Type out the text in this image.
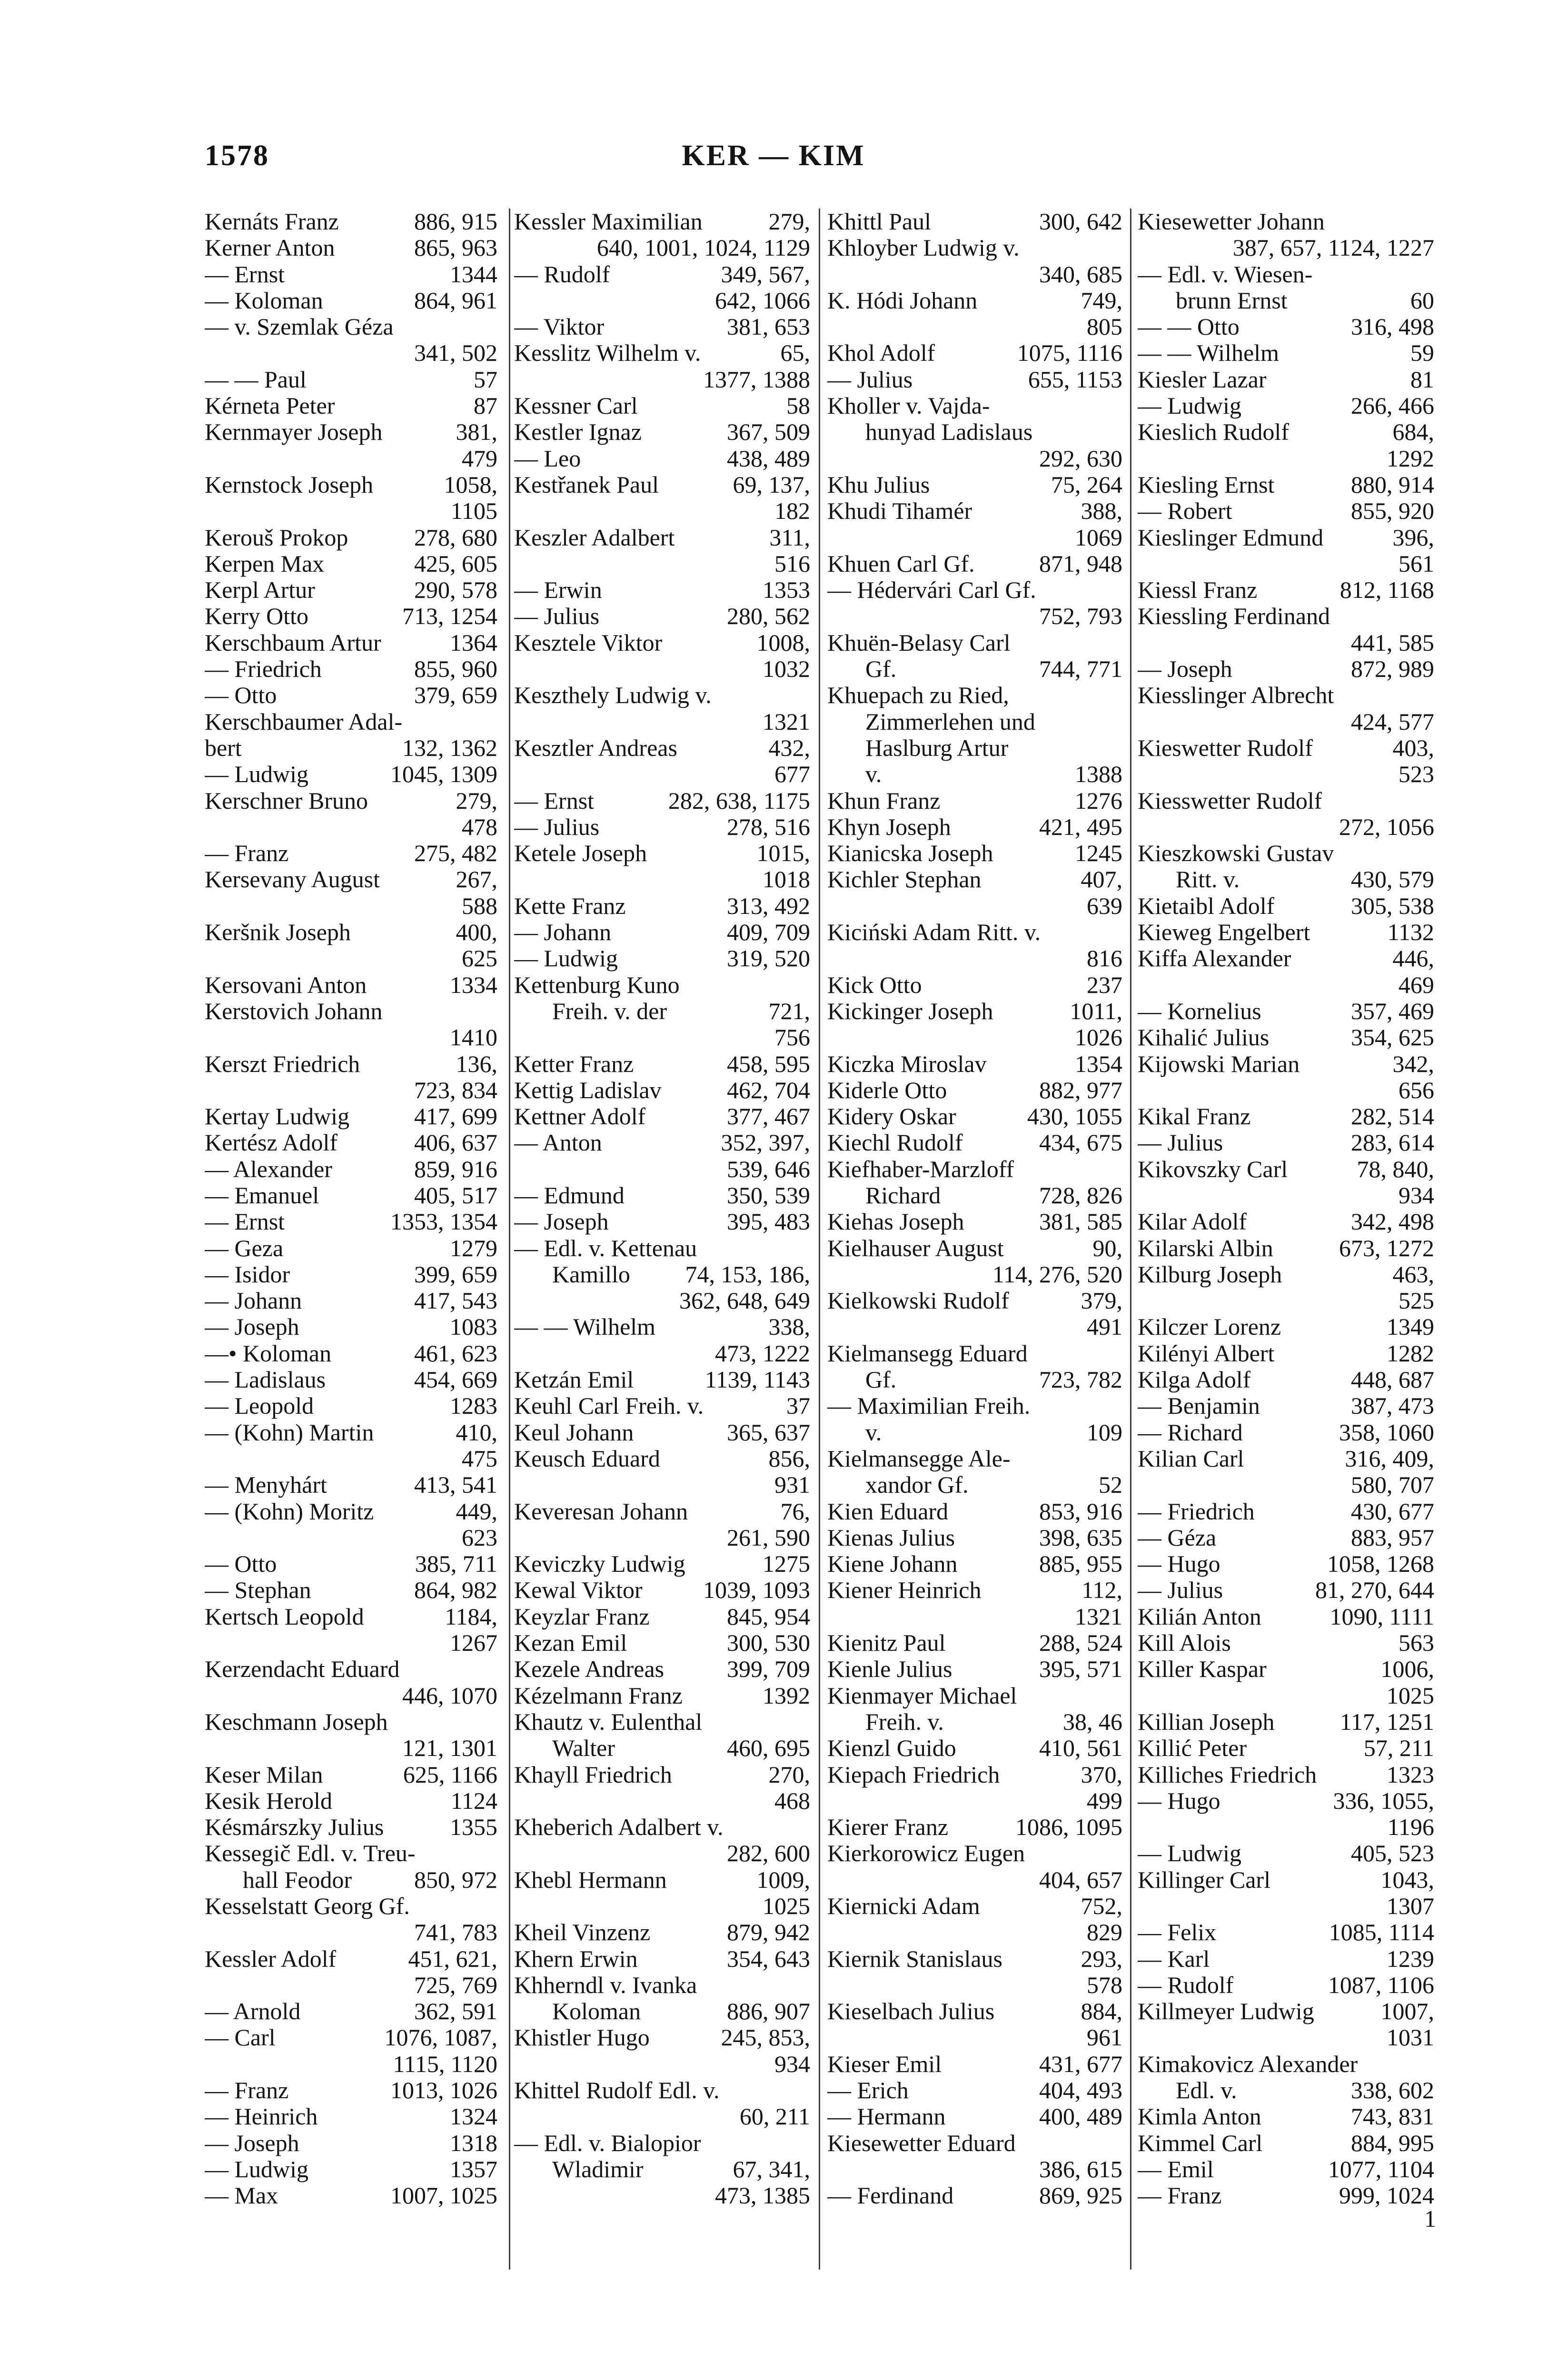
1578	KER — KIM
Kernáts Franz	886, 915
Kerner Anton	865, 963
— Ernst	1344
— Koloman	864, 961
— v. Szemlak Géza
341, 502
— — Paul	57
Kérneta Peter	87
Kernmayer Joseph	381,
479
Kernstock Joseph	1058,
1105
Kerouš Prokop	278, 680
Kerpen Max	425, 605
Kerpl Artur	290, 578
Kerry Otto	713, 1254
Kerschbaum Artur	1364
— Friedrich	855, 960
— Otto	379, 659
Kerschbaumer Adal-
bert	132, 1362
— Ludwig	1045, 1309
Kerschner Bruno	279,
478
— Franz	275, 482
Kersevany August	267,
588
Keršnik Joseph	400,
625
Kersovani Anton	1334
Kerstovich Johann
1410
Kerszt Friedrich	136,
723, 834
Kertay Ludwig	417, 699
Kertész Adolf	406, 637
— Alexander	859, 916
— Emanuel	405, 517
— Ernst	1353, 1354
— Geza	1279
— Isidor	399, 659
— Johann	417, 543
— Joseph	1083
—• Koloman	461, 623
— Ladislaus	454, 669
— Leopold	1283
— (Kohn) Martin	410,
475
— Menyhárt	413, 541
— (Kohn) Moritz	449,
623
— Otto	385, 711
— Stephan	864, 982
Kertsch Leopold	1184,
1267
Kerzendacht Eduard
446, 1070
Keschmann Joseph
121, 1301
Keser Milan	625, 1166
Kesik Herold	1124
Késmárszky Julius	1355
Kessegič Edl. v. Treu-
hall Feodor	850, 972
Kesselstatt Georg Gf.
741, 783
Kessler Adolf	451, 621,
725, 769
— Arnold	362, 591
— Carl	1076, 1087,
1115, 1120
— Franz	1013, 1026
— Heinrich	1324
— Joseph	1318
— Ludwig	1357
— Max	1007, 1025
Kessler Maximilian	279,
640, 1001, 1024, 1129
— Rudolf	349, 567,
642, 1066
— Viktor	381, 653
Kesslitz Wilhelm v.	65,
1377, 1388
Kessner Carl	58
Kestler Ignaz	367, 509
— Leo	438, 489
Kestřanek Paul	69, 137,
182
Keszler Adalbert	311,
516
— Erwin	1353
— Julius	280, 562
Kesztele Viktor	1008,
1032
Keszthely Ludwig v.
1321
Kesztler Andreas	432,
677
— Ernst	282, 638, 1175
— Julius	278, 516
Ketele Joseph	1015,
1018
Kette Franz	313, 492
— Johann	409, 709
— Ludwig	319, 520
Kettenburg Kuno
Freih. v. der	721,
756
Ketter Franz	458, 595
Kettig Ladislav	462, 704
Kettner Adolf	377, 467
— Anton	352, 397,
539, 646
— Edmund	350, 539
— Joseph	395, 483
— Edl. v. Kettenau
Kamillo 74, 153, 186,
362, 648, 649
— — Wilhelm	338,
473, 1222
Ketzán Emil	1139, 1143
Keuhl Carl Freih. v.	37
Keul Johann	365, 637
Keusch Eduard	856,
931
Keveresan Johann	76,
261, 590
Keviczky Ludwig	1275
Kewal Viktor	1039, 1093
Keyzlar Franz	845, 954
Kezan Emil	300, 530
Kezele Andreas	399, 709
Kézelmann Franz	1392
Khautz v. Eulenthal
Walter	460, 695
Khayll Friedrich	270,
468
Kheberich Adalbert v.
282, 600
Khebl Hermann	1009,
1025
Kheil Vinzenz	879, 942
Khern Erwin	354, 643
Khherndl v. Ivanka
Koloman	886, 907
Khistler Hugo	245, 853,
934
Khittel Rudolf Edl. v.
60, 211
— Edl. v. Bialopior
Wladimir	67, 341,
473, 1385
Khittl Paul	300, 642
Khloyber Ludwig v.
340, 685
K. Hódi Johann	749,
805
Khol Adolf	1075, 1116
— Julius	655, 1153
Kholler v. Vajda-
hunyad Ladislaus
292, 630
Khu Julius	75, 264
Khudi Tihamér	388,
1069
Khuen Carl Gf.	871, 948
— Hédervári Carl Gf.
752, 793
Khuën-Belasy Carl
Gf.	744, 771
Khuepach zu Ried,
Zimmerlehen und
Haslburg Artur
v.	1388
Khun Franz	1276
Khyn Joseph	421, 495
Kianicska Joseph	1245
Kichler Stephan	407,
639
Kiciński Adam Ritt. v.
816
Kick Otto	237
Kickinger Joseph	1011,
1026
Kiczka Miroslav	1354
Kiderle Otto	882, 977
Kidery Oskar	430, 1055
Kiechl Rudolf	434, 675
Kiefhaber-Marzloff
Richard	728, 826
Kiehas Joseph	381, 585
Kielhauser August	90,
114, 276, 520
Kielkowski Rudolf	379,
491
Kielmansegg Eduard
Gf.	723, 782
— Maximilian Freih.
v.	109
Kielmansegge Ale-
xandor Gf.	52
Kien Eduard	853, 916
Kienas Julius	398, 635
Kiene Johann	885, 955
Kiener Heinrich	112,
1321
Kienitz Paul	288, 524
Kienle Julius	395, 571
Kienmayer Michael
Freih. v.	38, 46
Kienzl Guido	410, 561
Kiepach Friedrich	370,
499
Kierer Franz	1086, 1095
Kierkorowicz Eugen
404, 657
Kiernicki Adam	752,
829
Kiernik Stanislaus	293,
578
Kieselbach Julius	884,
961
Kieser Emil	431, 677
— Erich	404, 493
— Hermann	400, 489
Kiesewetter Eduard
386, 615
— Ferdinand	869, 925
Kiesewetter Johann
387, 657, 1124, 1227
— Edl. v. Wiesen-
brunn Ernst	60
— — Otto	316, 498
— — Wilhelm	59
Kiesler Lazar	81
— Ludwig	266, 466
Kieslich Rudolf	684,
1292
Kiesling Ernst	880, 914
— Robert	855, 920
Kieslinger Edmund	396,
561
Kiessl Franz	812, 1168
Kiessling Ferdinand
441, 585
— Joseph	872, 989
Kiesslinger Albrecht
424, 577
Kieswetter Rudolf	403,
523
Kiesswetter Rudolf
272, 1056
Kieszkowski Gustav
Ritt. v.	430, 579
Kietaibl Adolf	305, 538
Kieweg Engelbert	1132
Kiffa Alexander	446,
469
— Kornelius	357, 469
Kihalić Julius	354, 625
Kijowski Marian	342,
656
Kikal Franz	282, 514
— Julius	283, 614
Kikovszky Carl	78, 840,
934
Kilar Adolf	342, 498
Kilarski Albin	673, 1272
Kilburg Joseph	463,
525
Kilczer Lorenz	1349
Kilényi Albert	1282
Kilga Adolf	448, 687
— Benjamin	387, 473
— Richard	358, 1060
Kilian Carl	316, 409,
580, 707
— Friedrich	430, 677
— Géza	883, 957
— Hugo	1058, 1268
— Julius	81, 270, 644
Kilián Anton	1090, 1111
Kill Alois	563
Killer Kaspar	1006,
1025
Killian Joseph	117, 1251
Killić Peter	57, 211
Killiches Friedrich	1323
— Hugo	336, 1055,
1196
— Ludwig	405, 523
Killinger Carl	1043,
1307
— Felix	1085, 1114
— Karl	1239
— Rudolf	1087, 1106
Killmeyer Ludwig	1007,
1031
Kimakovicz Alexander
Edl. v.	338, 602
Kimla Anton	743, 831
Kimmel Carl	884, 995
— Emil	1077, 1104
— Franz	999, 1024
1
